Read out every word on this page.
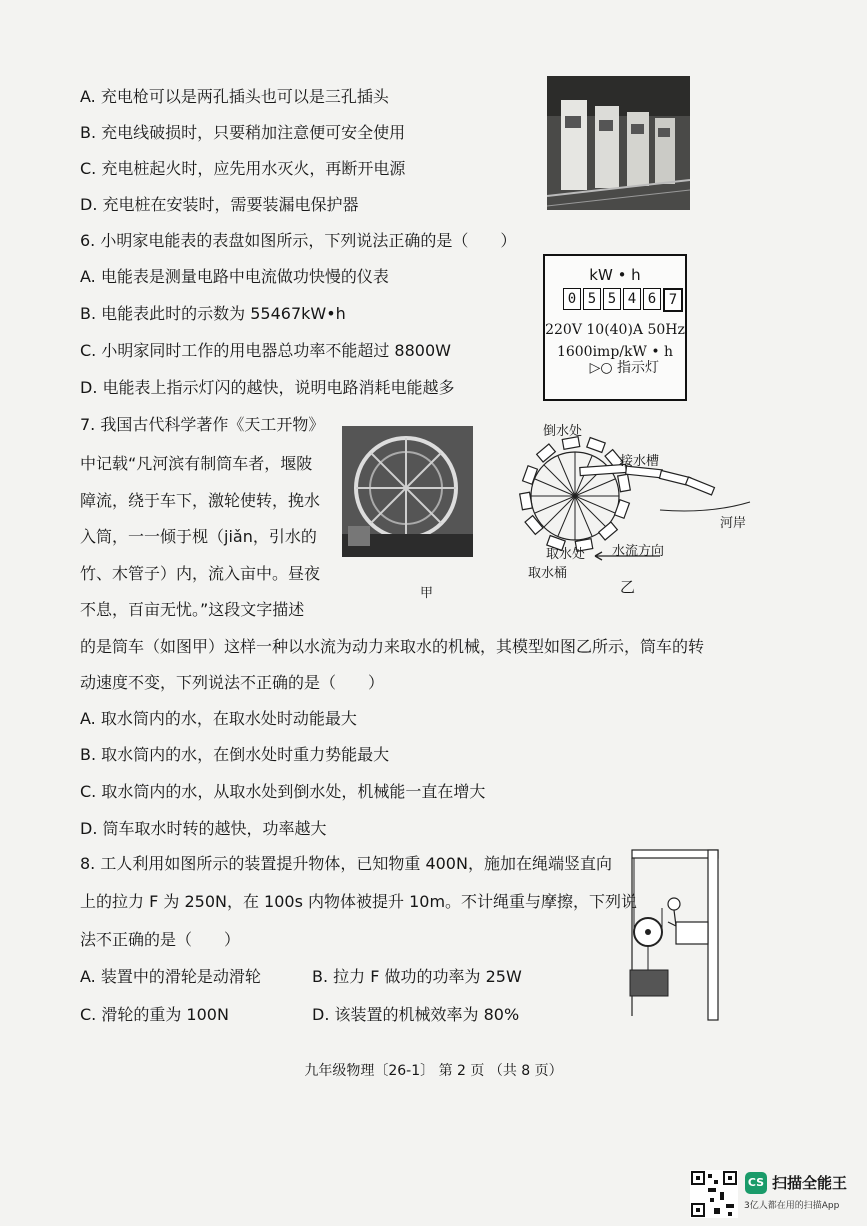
A. 充电枪可以是两孔插头也可以是三孔插头
B. 充电线破损时，只要稍加注意便可安全使用
C. 充电桩起火时，应先用水灭火，再断开电源
D. 充电桩在安装时，需要装漏电保护器
6. 小明家电能表的表盘如图所示，下列说法正确的是（　　）
A. 电能表是测量电路中电流做功快慢的仪表
B. 电能表此时的示数为 55467kW•h
C. 小明家同时工作的用电器总功率不能超过 8800W
D. 电能表上指示灯闪的越快，说明电路消耗电能越多
kW • h
0 5 5 4 6 7
220V 10(40)A 50Hz
1600imp/kW • h
▷○ 指示灯
7. 我国古代科学著作《天工开物》
中记载“凡河滨有制筒车者，堰陂
障流，绕于车下，激轮使转，挽水
入筒，一一倾于枧（jiǎn，引水的
竹、木管子）内，流入亩中。昼夜
不息，百亩无忧。”这段文字描述
的是筒车（如图甲）这样一种以水流为动力来取水的机械，其模型如图乙所示，筒车的转
动速度不变，下列说法不正确的是（　　）
甲
倒水处
接水槽
河岸
取水处
取水桶
水流方向
乙
A. 取水筒内的水，在取水处时动能最大
B. 取水筒内的水，在倒水处时重力势能最大
C. 取水筒内的水，从取水处到倒水处，机械能一直在增大
D. 筒车取水时转的越快，功率越大
8. 工人利用如图所示的装置提升物体，已知物重 400N，施加在绳端竖直向
上的拉力 F 为 250N，在 100s 内物体被提升 10m。不计绳重与摩擦，下列说
法不正确的是（　　）
A. 装置中的滑轮是动滑轮	B. 拉力 F 做功的功率为 25W
C. 滑轮的重为 100N	D. 该装置的机械效率为 80%
九年级物理〔26-1〕 第 2 页 （共 8 页）
CS 扫描全能王
3亿人都在用的扫描App
